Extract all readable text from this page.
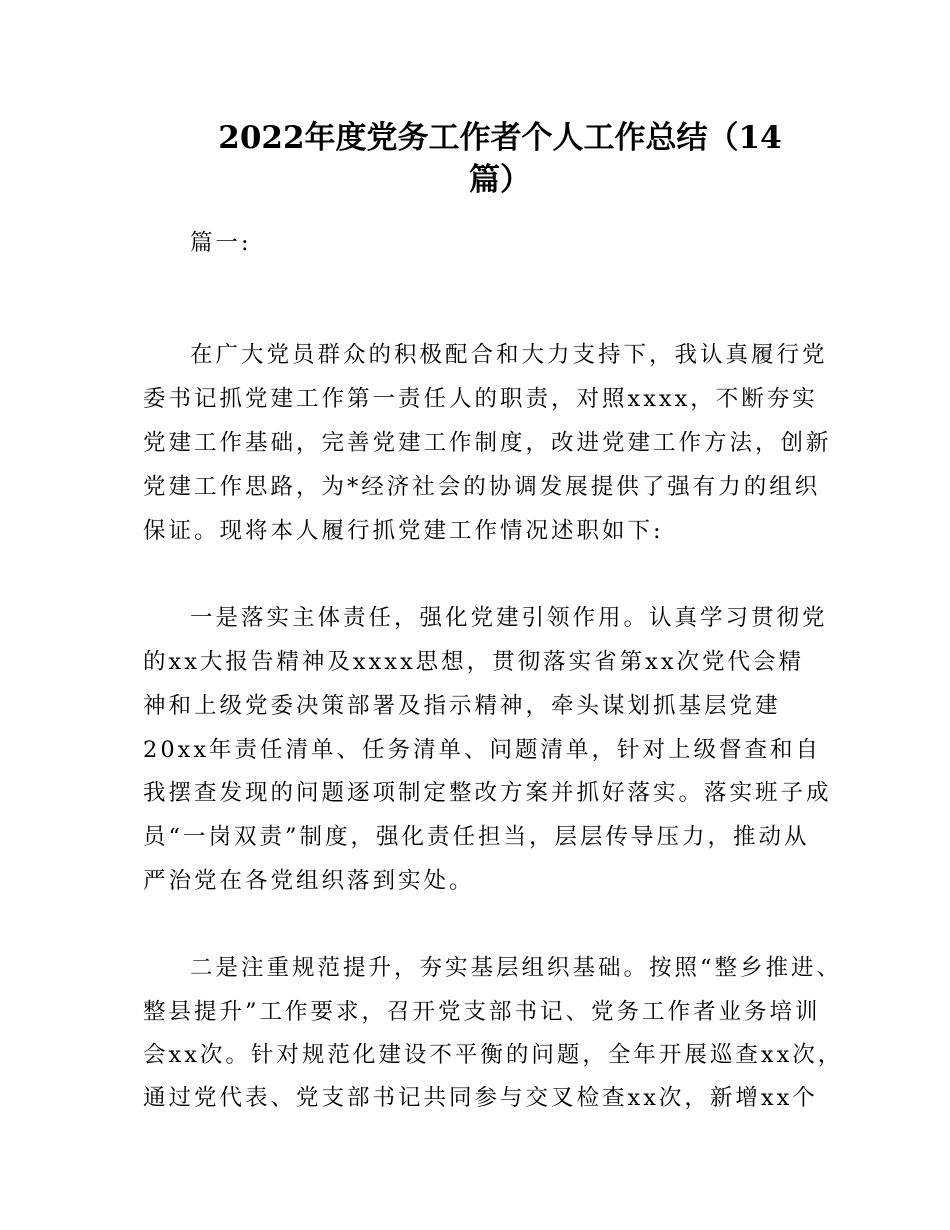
2022年度党务工作者个人工作总结（14
篇）

篇一:

在广大党员群众的积极配合和大力支持下，我认真履行党

委书记抓党建工作第一责任人的职责，对照xxxx，不断夯实

党建工作基础，完善党建工作制度，改进党建工作方法，创新

党建工作思路，为*经济社会的协调发展提供了强有力的组织

保证。现将本人履行抓党建工作情况述职如下:

一是落实主体责任，强化党建引领作用。认真学习贯彻党

的xx大报告精神及xxxx思想，贯彻落实省第xx次党代会精

神和上级党委决策部署及指示精神，牵头谋划抓基层党建

20xx年责任清单、任务清单、问题清单，针对上级督查和自

我摆查发现的问题逐项制定整改方案并抓好落实。落实班子成

员“一岗双责”制度，强化责任担当，层层传导压力，推动从

严治党在各党组织落到实处。

二是注重规范提升，夯实基层组织基础。按照“整乡推进、

整县提升”工作要求，召开党支部书记、党务工作者业务培训

会xx次。针对规范化建设不平衡的问题，全年开展巡查xx次，

通过党代表、党支部书记共同参与交叉检查xx次，新增xx个
